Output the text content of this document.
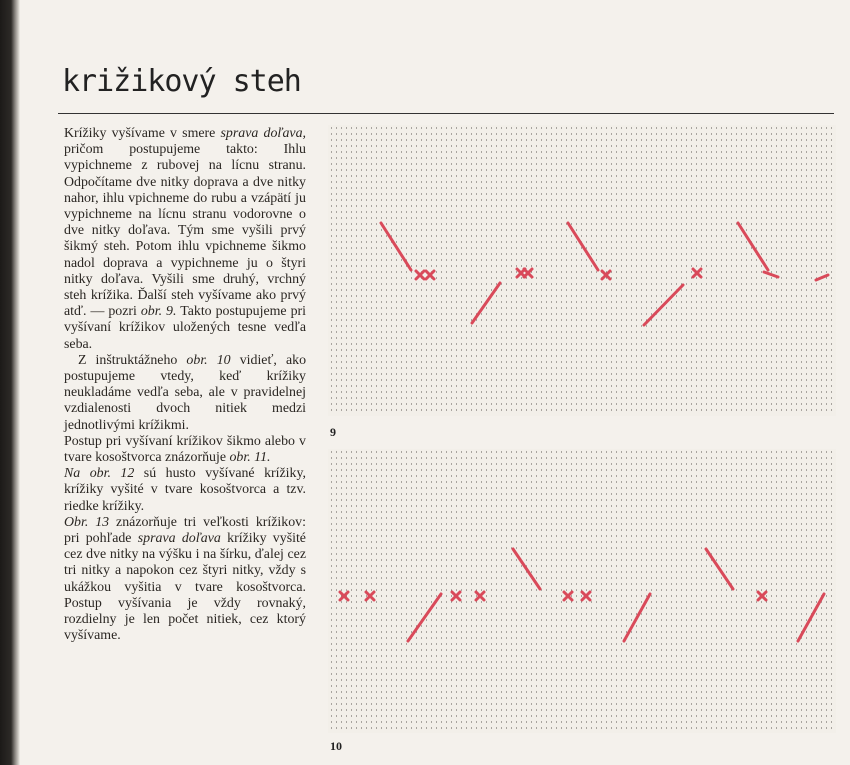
križikový steh

Krížiky vyšívame v smere sprava doľava, pričom postupujeme takto: Ihlu vypichneme z rubovej na lícnu stranu. Odpočítame dve nitky doprava a dve nitky nahor, ihlu vpichneme do rubu a vzápätí ju vypichneme na lícnu stranu vodorovne o dve nitky doľava. Tým sme vyšili prvý šikmý steh. Potom ihlu vpichneme šikmo nadol doprava a vypichneme ju o štyri nitky doľava. Vyšili sme druhý, vrchný steh krížika. Ďalší steh vyšívame ako prvý atď. — pozri obr. 9. Takto postupujeme pri vyšívaní krížikov uložených tesne vedľa seba.

Z inštruktážneho obr. 10 vidieť, ako postupujeme vtedy, keď krížiky neukladáme vedľa seba, ale v pravidelnej vzdialenosti dvoch nitiek medzi jednotlivými krížikmi.

Postup pri vyšívaní krížikov šikmo alebo v tvare kosoštvorca znázorňuje obr. 11.

Na obr. 12 sú husto vyšívané krížiky, krížiky vyšité v tvare kosoštvorca a tzv. riedke krížiky.

Obr. 13 znázorňuje tri veľkosti krížikov: pri pohľade sprava doľava krížiky vyšité cez dve nitky na výšku i na šírku, ďalej cez tri nitky a napokon cez štyri nitky, vždy s ukážkou vyšitia v tvare kosoštvorca. Postup vyšívania je vždy rovnaký, rozdielny je len počet nitiek, cez ktorý vyšívame.

9
10
